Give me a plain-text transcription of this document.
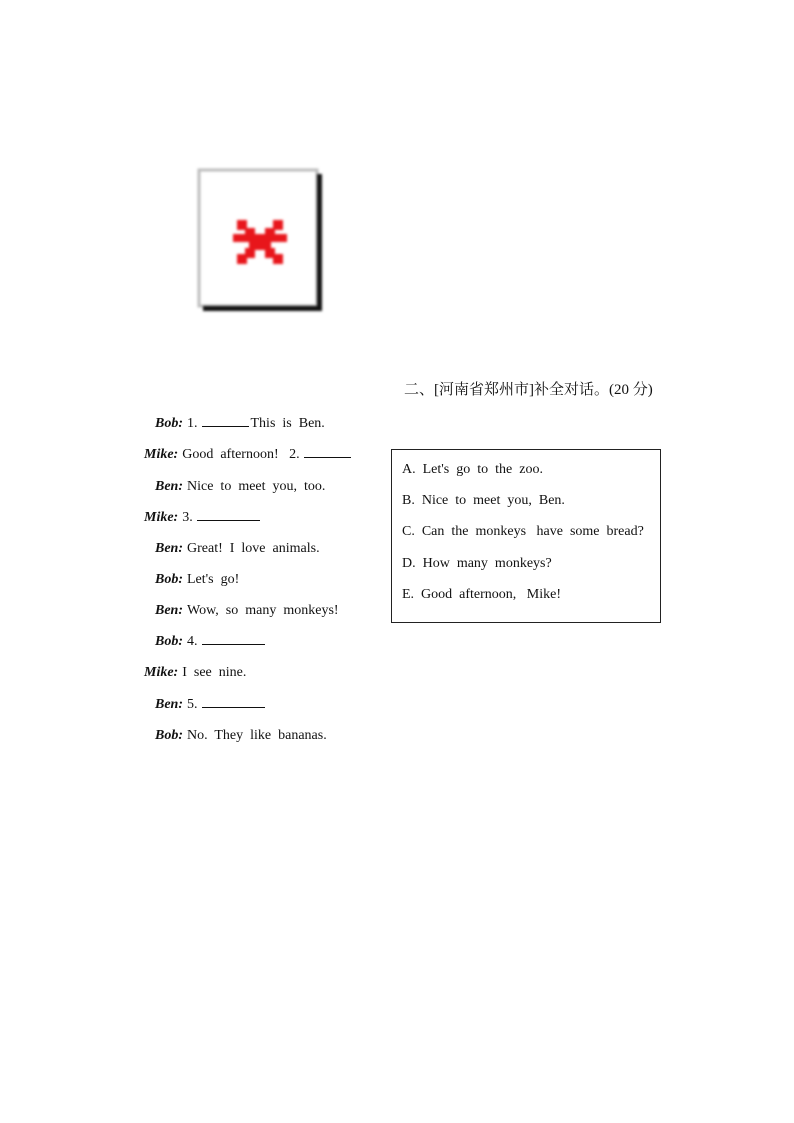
二、[河南省郑州市]补全对话。(20 分)
Bob: 1.	This  is  Ben.
Mike: Good  afternoon!   2.
Ben: Nice  to  meet  you,  too.
Mike: 3.
Ben: Great!  I  love  animals.
Bob: Let's  go!
Ben: Wow,  so  many  monkeys!
Bob: 4.
Mike: I  see  nine.
Ben: 5.
Bob: No.  They  like  bananas.
A.  Let's  go  to  the  zoo.
B.  Nice  to  meet  you,  Ben.
C.  Can  the  monkeys   have  some  bread?
D.  How  many  monkeys?
E.  Good  afternoon,   Mike!
